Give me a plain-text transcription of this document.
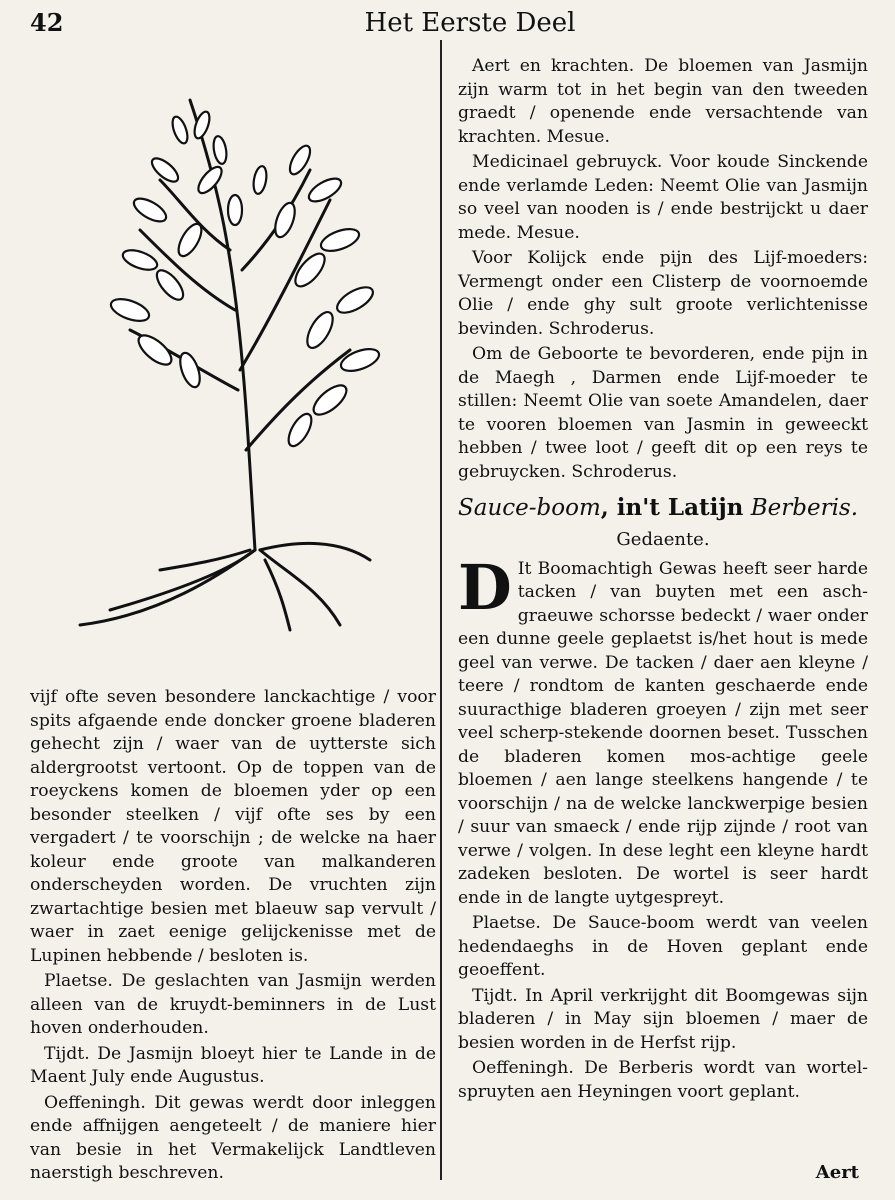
42	Het Eerste Deel

vijf ofte seven besondere lanckachtige / voor spits afgaende ende doncker groene bladeren gehecht zijn / waer van de uytterste sich aldergrootst vertoont. Op de toppen van de roeyckens komen de bloemen yder op een besonder steelken / vijf ofte ses by een vergadert / te voorschijn ; de welcke na haer koleur ende groote van malkanderen onderscheyden worden. De vruchten zijn zwartachtige besien met blaeuw sap vervult / waer in zaet eenige gelijckenisse met de Lupinen hebbende / besloten is.

Plaetse. De geslachten van Jasmijn werden alleen van de kruydt-beminners in de Lust hoven onderhouden.

Tijdt. De Jasmijn bloeyt hier te Lande in de Maent July ende Augustus.

Oeffeningh. Dit gewas werdt door inleggen ende affnijgen aengeteelt / de maniere hier van besie in het Vermakelijck Landtleven naerstigh beschreven.

Aert en krachten. De bloemen van Jasmijn zijn warm tot in het begin van den tweeden graedt / openende ende versachtende van krachten. Mesue.

Medicinael gebruyck. Voor koude Sinckende ende verlamde Leden: Neemt Olie van Jasmijn so veel van nooden is / ende bestrijckt u daer mede. Mesue.

Voor Kolijck ende pijn des Lijf-moeders: Vermengt onder een Clisterp de voornoemde Olie / ende ghy sult groote verlichtenisse bevinden. Schroderus.

Om de Geboorte te bevorderen, ende pijn in de Maegh , Darmen ende Lijf-moeder te stillen: Neemt Olie van soete Amandelen, daer te vooren bloemen van Jasmin in geweeckt hebben / twee loot / geeft dit op een reys te gebruycken. Schroderus.

Sauce-boom, in't Latijn Berberis.
Gedaente.

D It Boomachtigh Gewas heeft seer harde tacken / van buyten met een asch-graeuwe schorsse bedeckt / waer onder een dunne geele geplaetst is/het hout is mede geel van verwe. De tacken / daer aen kleyne / teere / rondtom de kanten geschaerde ende suuracthige bladeren groeyen / zijn met seer veel scherp-stekende doornen beset. Tusschen de bladeren komen mos-achtige geele bloemen / aen lange steelkens hangende / te voorschijn / na de welcke lanckwerpige besien / suur van smaeck / ende rijp zijnde / root van verwe / volgen. In dese leght een kleyne hardt zadeken besloten. De wortel is seer hardt ende in de langte uytgespreyt.

Plaetse. De Sauce-boom werdt van veelen hedendaeghs in de Hoven geplant ende geoeffent.

Tijdt. In April verkrijght dit Boomgewas sijn bladeren / in May sijn bloemen / maer de besien worden in de Herfst rijp.

Oeffeningh. De Berberis wordt van wortel-spruyten aen Heyningen voort geplant.

Aert
